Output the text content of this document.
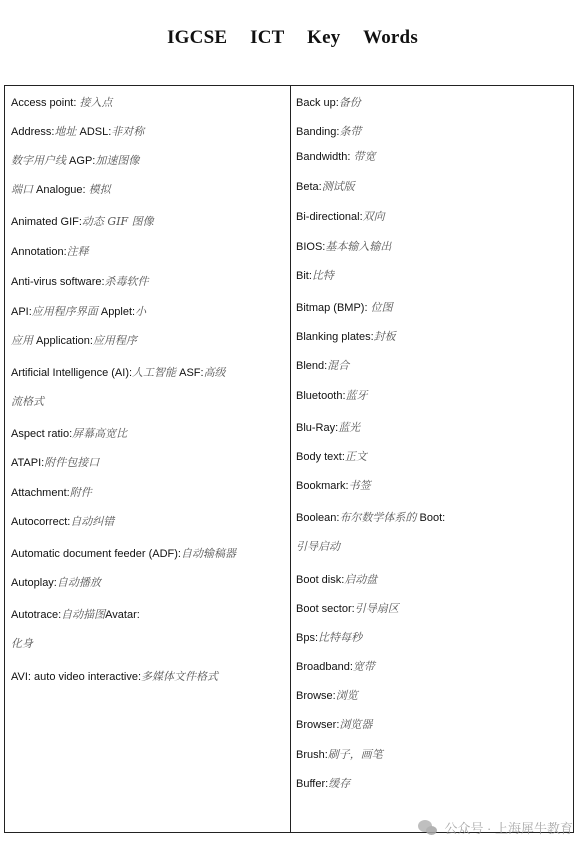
IGCSE ICT Key Words
Access point: 接入点
Address:地址 ADSL:非对称
数字用户线 AGP:加速图像
端口 Analogue: 模拟
Animated GIF:动态 GIF 图像
Annotation:注释
Anti-virus software:杀毒软件
API:应用程序界面 Applet:小
应用 Application:应用程序
Artificial Intelligence (AI):人工智能 ASF:高级
流格式
Aspect ratio:屏幕高宽比
ATAPI:附件包接口
Attachment:附件
Autocorrect:自动纠错
Automatic document feeder (ADF):自动输稿器
Autoplay:自动播放
Autotrace:自动描图Avatar:
化身
AVI: auto video interactive:多媒体文件格式
Back up:备份
Banding:条带
Bandwidth: 带宽
Beta:测试版
Bi-directional:双向
BIOS:基本输入输出
Bit:比特
Bitmap (BMP): 位图
Blanking plates:封板
Blend:混合
Bluetooth:蓝牙
Blu-Ray:蓝光
Body text:正文
Bookmark:书签
Boolean:布尔数学体系的 Boot:
引导启动
Boot disk:启动盘
Boot sector:引导扇区
Bps:比特每秒
Broadband:宽带
Browse:浏览
Browser:浏览器
Brush:刷子，画笔
Buffer:缓存
公众号 · 上海犀牛教育
